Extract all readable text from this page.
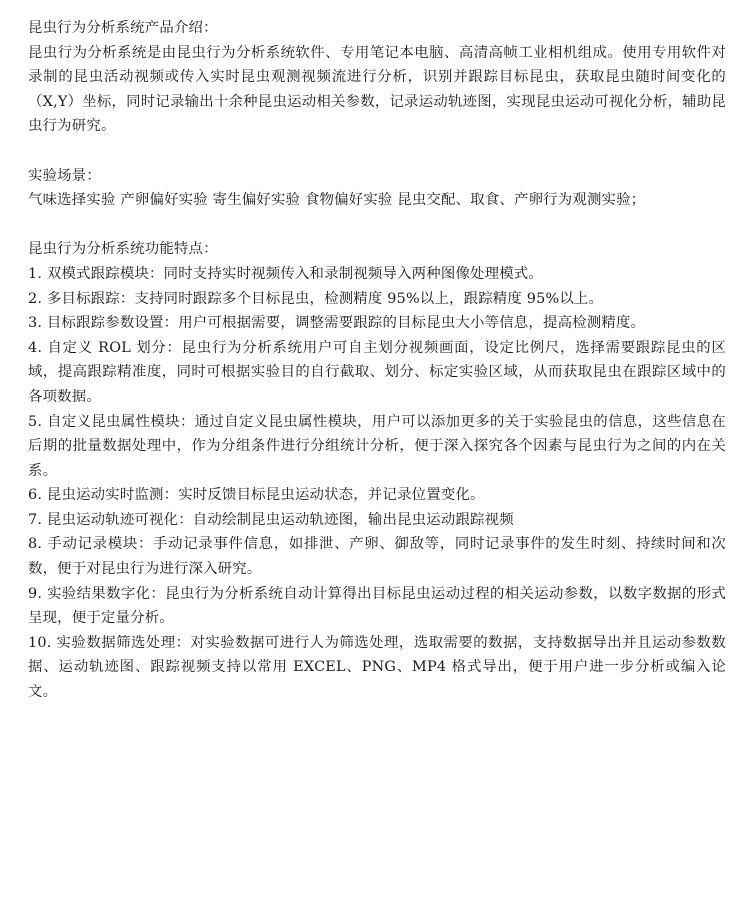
昆虫行为分析系统产品介绍：

昆虫行为分析系统是由昆虫行为分析系统软件、专用笔记本电脑、高清高帧工业相机组成。使用专用软件对录制的昆虫活动视频或传入实时昆虫观测视频流进行分析，识别并跟踪目标昆虫，获取昆虫随时间变化的（X,Y）坐标，同时记录输出十余种昆虫运动相关参数，记录运动轨迹图，实现昆虫运动可视化分析，辅助昆虫行为研究。

实验场景：

气味选择实验 产卵偏好实验 寄生偏好实验 食物偏好实验 昆虫交配、取食、产卵行为观测实验；

昆虫行为分析系统功能特点：

1. 双模式跟踪模块：同时支持实时视频传入和录制视频导入两种图像处理模式。
2. 多目标跟踪：支持同时跟踪多个目标昆虫，检测精度 95%以上，跟踪精度 95%以上。
3. 目标跟踪参数设置：用户可根据需要，调整需要跟踪的目标昆虫大小等信息，提高检测精度。
4. 自定义 ROL 划分：昆虫行为分析系统用户可自主划分视频画面，设定比例尺，选择需要跟踪昆虫的区域，提高跟踪精准度，同时可根据实验目的自行截取、划分、标定实验区域，从而获取昆虫在跟踪区域中的各项数据。
5. 自定义昆虫属性模块：通过自定义昆虫属性模块，用户可以添加更多的关于实验昆虫的信息，这些信息在后期的批量数据处理中，作为分组条件进行分组统计分析，便于深入探究各个因素与昆虫行为之间的内在关系。
6. 昆虫运动实时监测：实时反馈目标昆虫运动状态，并记录位置变化。
7. 昆虫运动轨迹可视化：自动绘制昆虫运动轨迹图，输出昆虫运动跟踪视频
8. 手动记录模块：手动记录事件信息，如排泄、产卵、御敌等，同时记录事件的发生时刻、持续时间和次数，便于对昆虫行为进行深入研究。
9. 实验结果数字化：昆虫行为分析系统自动计算得出目标昆虫运动过程的相关运动参数，以数字数据的形式呈现，便于定量分析。
10. 实验数据筛选处理：对实验数据可进行人为筛选处理，选取需要的数据，支持数据导出并且运动参数数据、运动轨迹图、跟踪视频支持以常用 EXCEL、PNG、MP4 格式导出，便于用户进一步分析或编入论文。
